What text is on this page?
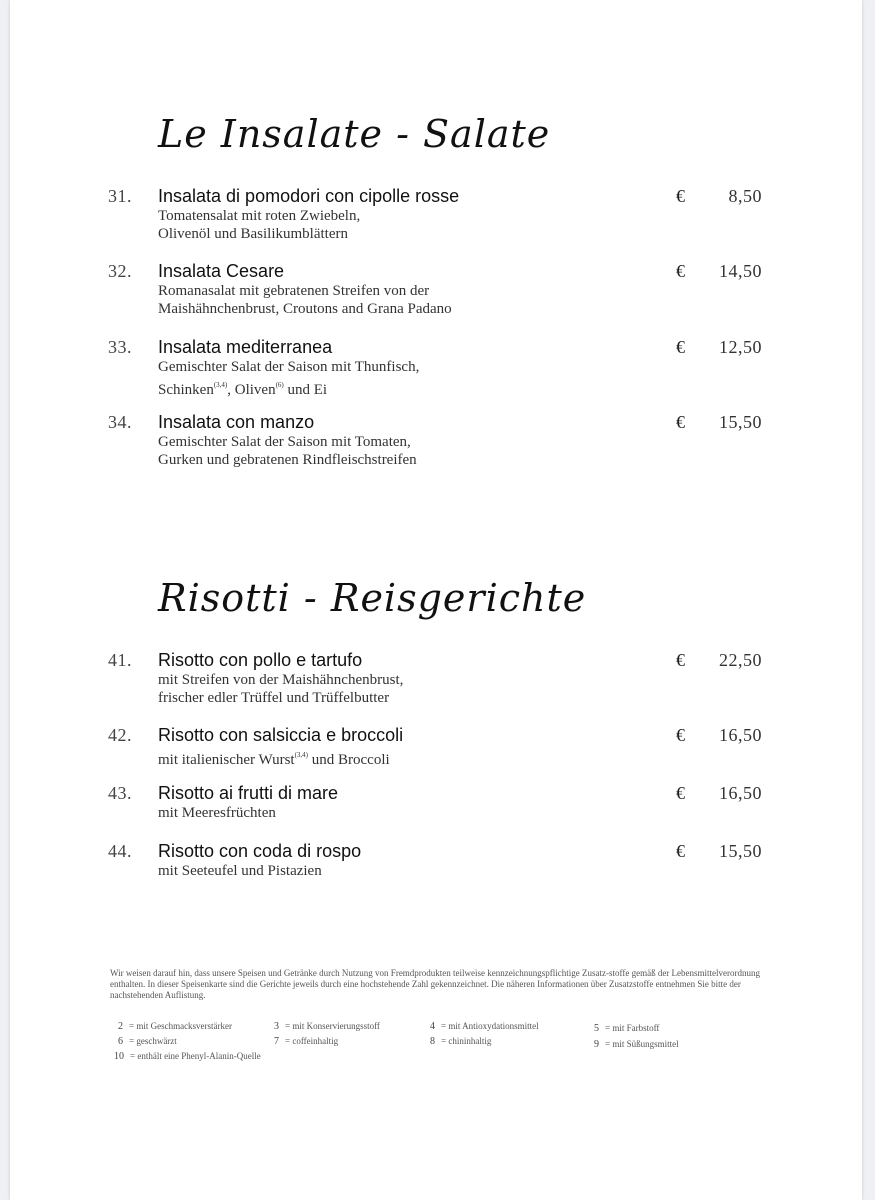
Le Insalate - Salate
31. Insalata di pomodori con cipolle rosse
Tomatensalat mit roten Zwiebeln,
Olivenöl und Basilikumblättern
€ 8,50
32. Insalata Cesare
Romanasalat mit gebratenen Streifen von der
Maishähnchenbrust, Croutons and Grana Padano
€ 14,50
33. Insalata mediterranea
Gemischter Salat der Saison mit Thunfisch,
Schinken$^{(3,4)}$, Oliven$^{(6)}$ und Ei
€ 12,50
34. Insalata con manzo
Gemischter Salat der Saison mit Tomaten,
Gurken und gebratenen Rindfleischstreifen
€ 15,50
Risotti - Reisgerichte
41. Risotto con pollo e tartufo
mit Streifen von der Maishähnchenbrust,
frischer edler Trüffel und Trüffelbutter
€ 22,50
42. Risotto con salsiccia e broccoli
mit italienischer Wurst$^{(3,4)}$ und Broccoli
€ 16,50
43. Risotto ai frutti di mare
mit Meeresfrüchten
€ 16,50
44. Risotto con coda di rospo
mit Seeteufel und Pistazien
€ 15,50
Wir weisen darauf hin, dass unsere Speisen und Getränke durch Nutzung von Fremdprodukten teilweise kennzeichnungspflichtige Zusatz-stoffe gemäß der Lebensmittelverordnung enthalten. In dieser Speisenkarte sind die Gerichte jeweils durch eine hochstehende Zahl gekennzeichnet. Die näheren Informationen über Zusatzstoffe entnehmen Sie bitte der nachstehenden Auflistung.
2 = mit Geschmacksverstärker	3 = mit Konservierungsstoff	4 = mit Antioxydationsmittel	5 = mit Farbstoff
6 = geschwärzt	7 = coffeinhaltig	8 = chininhaltig	9 = mit Süßungsmittel
10 = enthält eine Phenyl-Alanin-Quelle
